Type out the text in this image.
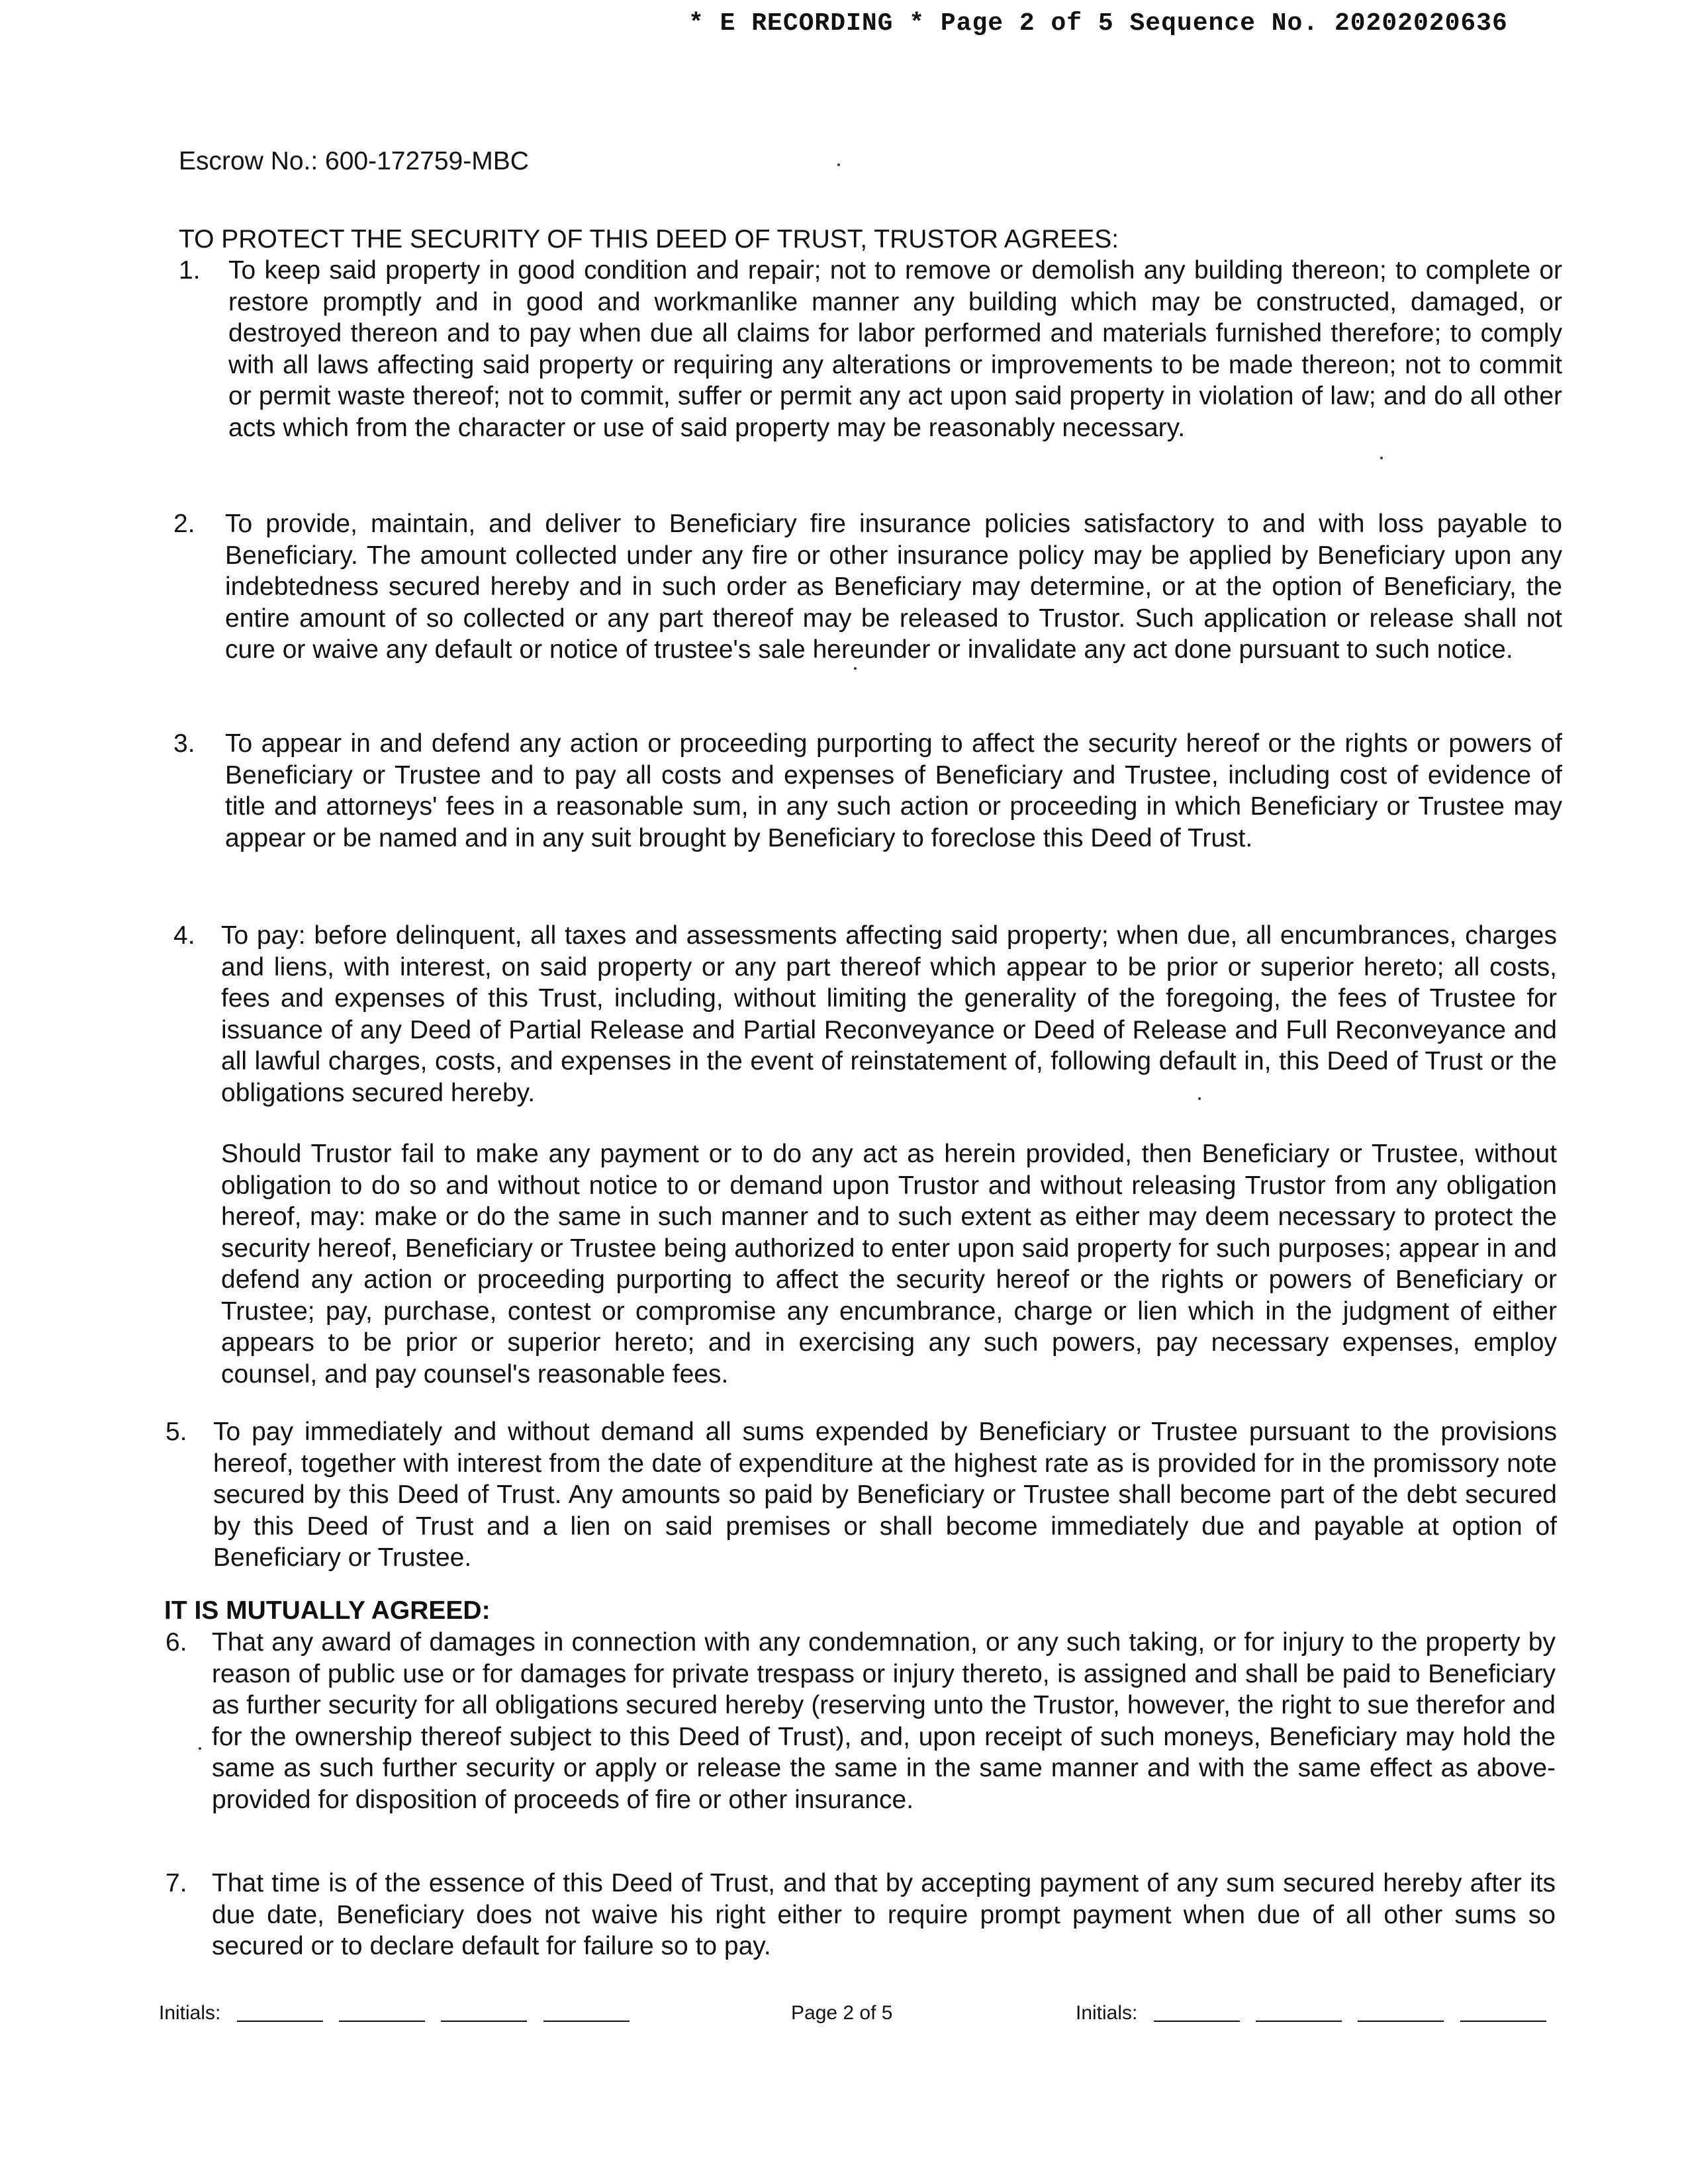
* E RECORDING * Page 2 of 5 Sequence No. 20202020636
Escrow No.: 600-172759-MBC
TO PROTECT THE SECURITY OF THIS DEED OF TRUST, TRUSTOR AGREES:
1.	To keep said property in good condition and repair; not to remove or demolish any building thereon; to complete or restore promptly and in good and workmanlike manner any building which may be constructed, damaged, or destroyed thereon and to pay when due all claims for labor performed and materials furnished therefore; to comply with all laws affecting said property or requiring any alterations or improvements to be made thereon; not to commit or permit waste thereof; not to commit, suffer or permit any act upon said property in violation of law; and do all other acts which from the character or use of said property may be reasonably necessary.
2.	To provide, maintain, and deliver to Beneficiary fire insurance policies satisfactory to and with loss payable to Beneficiary. The amount collected under any fire or other insurance policy may be applied by Beneficiary upon any indebtedness secured hereby and in such order as Beneficiary may determine, or at the option of Beneficiary, the entire amount of so collected or any part thereof may be released to Trustor. Such application or release shall not cure or waive any default or notice of trustee's sale hereunder or invalidate any act done pursuant to such notice.
3.	To appear in and defend any action or proceeding purporting to affect the security hereof or the rights or powers of Beneficiary or Trustee and to pay all costs and expenses of Beneficiary and Trustee, including cost of evidence of title and attorneys' fees in a reasonable sum, in any such action or proceeding in which Beneficiary or Trustee may appear or be named and in any suit brought by Beneficiary to foreclose this Deed of Trust.
4.	To pay: before delinquent, all taxes and assessments affecting said property; when due, all encumbrances, charges and liens, with interest, on said property or any part thereof which appear to be prior or superior hereto; all costs, fees and expenses of this Trust, including, without limiting the generality of the foregoing, the fees of Trustee for issuance of any Deed of Partial Release and Partial Reconveyance or Deed of Release and Full Reconveyance and all lawful charges, costs, and expenses in the event of reinstatement of, following default in, this Deed of Trust or the obligations secured hereby.
Should Trustor fail to make any payment or to do any act as herein provided, then Beneficiary or Trustee, without obligation to do so and without notice to or demand upon Trustor and without releasing Trustor from any obligation hereof, may: make or do the same in such manner and to such extent as either may deem necessary to protect the security hereof, Beneficiary or Trustee being authorized to enter upon said property for such purposes; appear in and defend any action or proceeding purporting to affect the security hereof or the rights or powers of Beneficiary or Trustee; pay, purchase, contest or compromise any encumbrance, charge or lien which in the judgment of either appears to be prior or superior hereto; and in exercising any such powers, pay necessary expenses, employ counsel, and pay counsel's reasonable fees.
5.	To pay immediately and without demand all sums expended by Beneficiary or Trustee pursuant to the provisions hereof, together with interest from the date of expenditure at the highest rate as is provided for in the promissory note secured by this Deed of Trust. Any amounts so paid by Beneficiary or Trustee shall become part of the debt secured by this Deed of Trust and a lien on said premises or shall become immediately due and payable at option of Beneficiary or Trustee.
IT IS MUTUALLY AGREED:
6. That any award of damages in connection with any condemnation, or any such taking, or for injury to the property by reason of public use or for damages for private trespass or injury thereto, is assigned and shall be paid to Beneficiary as further security for all obligations secured hereby (reserving unto the Trustor, however, the right to sue therefor and for the ownership thereof subject to this Deed of Trust), and, upon receipt of such moneys, Beneficiary may hold the same as such further security or apply or release the same in the same manner and with the same effect as above-provided for disposition of proceeds of fire or other insurance.
7. That time is of the essence of this Deed of Trust, and that by accepting payment of any sum secured hereby after its due date, Beneficiary does not waive his right either to require prompt payment when due of all other sums so secured or to declare default for failure so to pay.
Initials:	Page 2 of 5	Initials:
